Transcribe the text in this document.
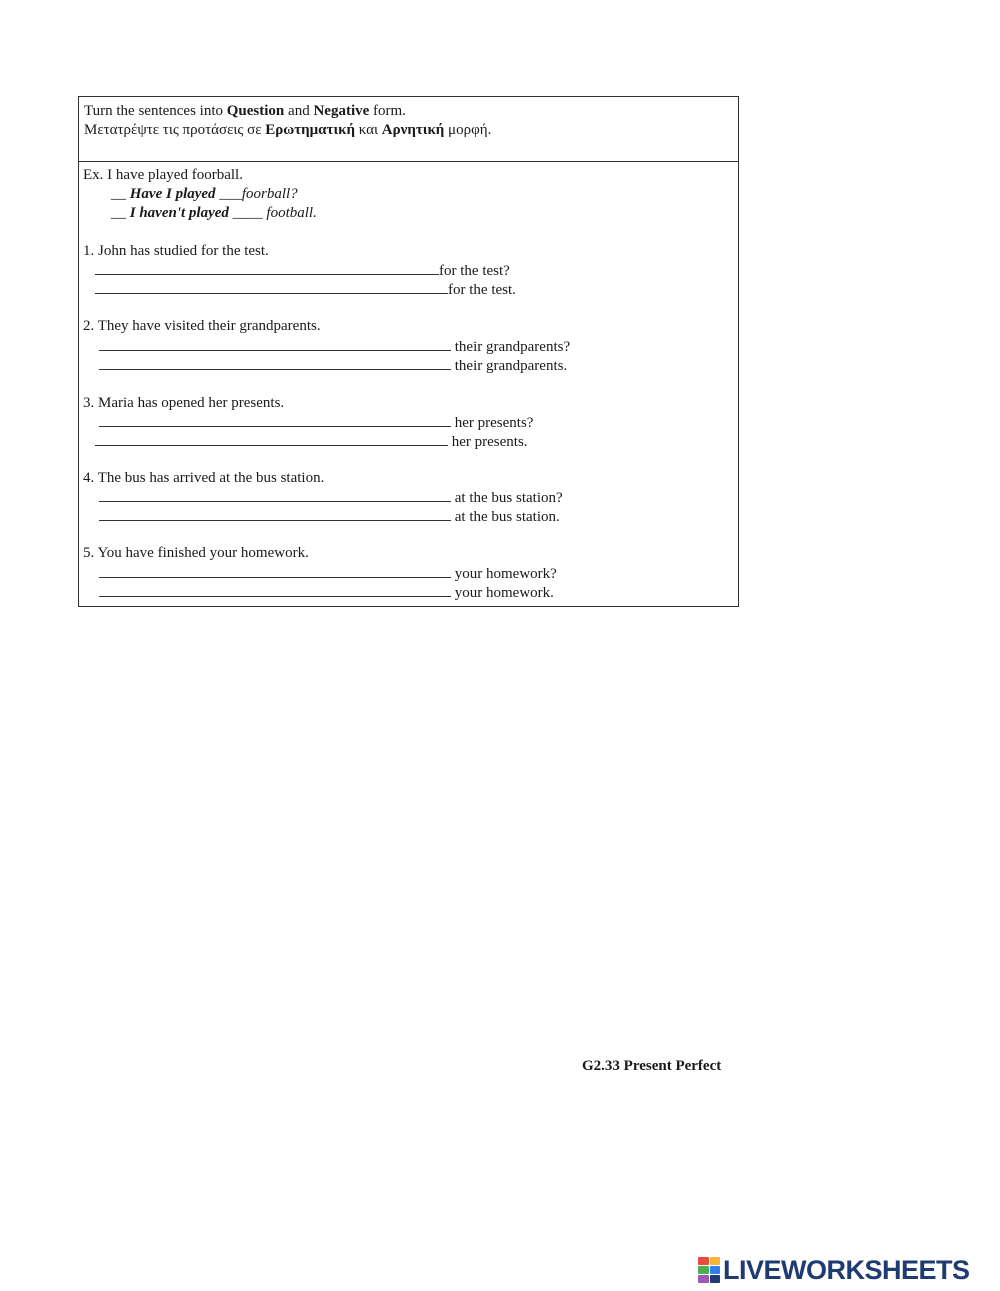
Turn the sentences into Question and Negative form.
Μετατρέψτε τις προτάσεις σε Ερωτηματική και Αρνητική μορφή.
Ex. I have played foorball.
__ Have I played ___foorball?
__ I haven't played ____ football.
1. John has studied for the test.
for the test?
for the test.
2. They have visited their grandparents.
their grandparents?
their grandparents.
3. Maria has opened her presents.
her presents?
her presents.
4. The bus has arrived at the bus station.
at the bus station?
at the bus station.
5. You have finished your homework.
your homework?
your homework.
G2.33 Present Perfect
LIVEWORKSHEETS
